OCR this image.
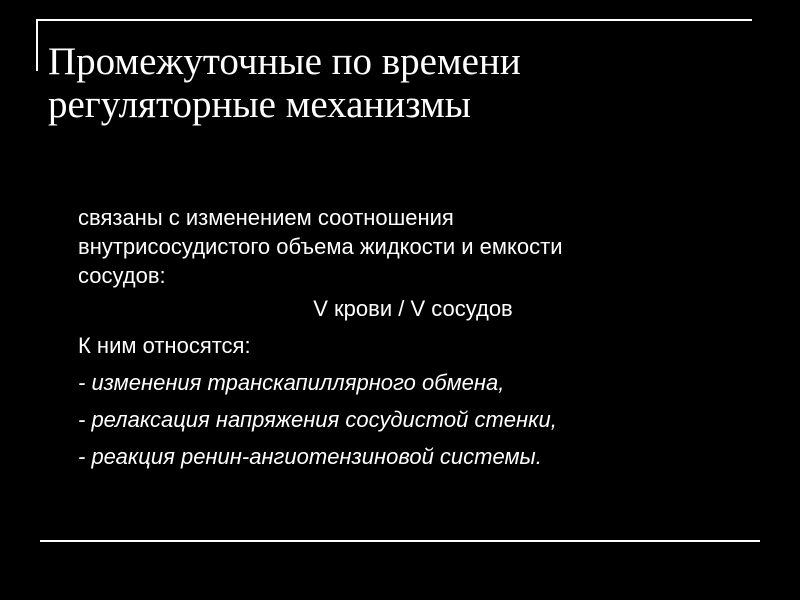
Промежуточные по времени
регуляторные механизмы

связаны с изменением соотношения
внутрисосудистого объема жидкости и емкости
сосудов:

V крови / V сосудов

К ним относятся:

- изменения транскапиллярного обмена,

- релаксация напряжения сосудистой стенки,

- реакция ренин-ангиотензиновой системы.
